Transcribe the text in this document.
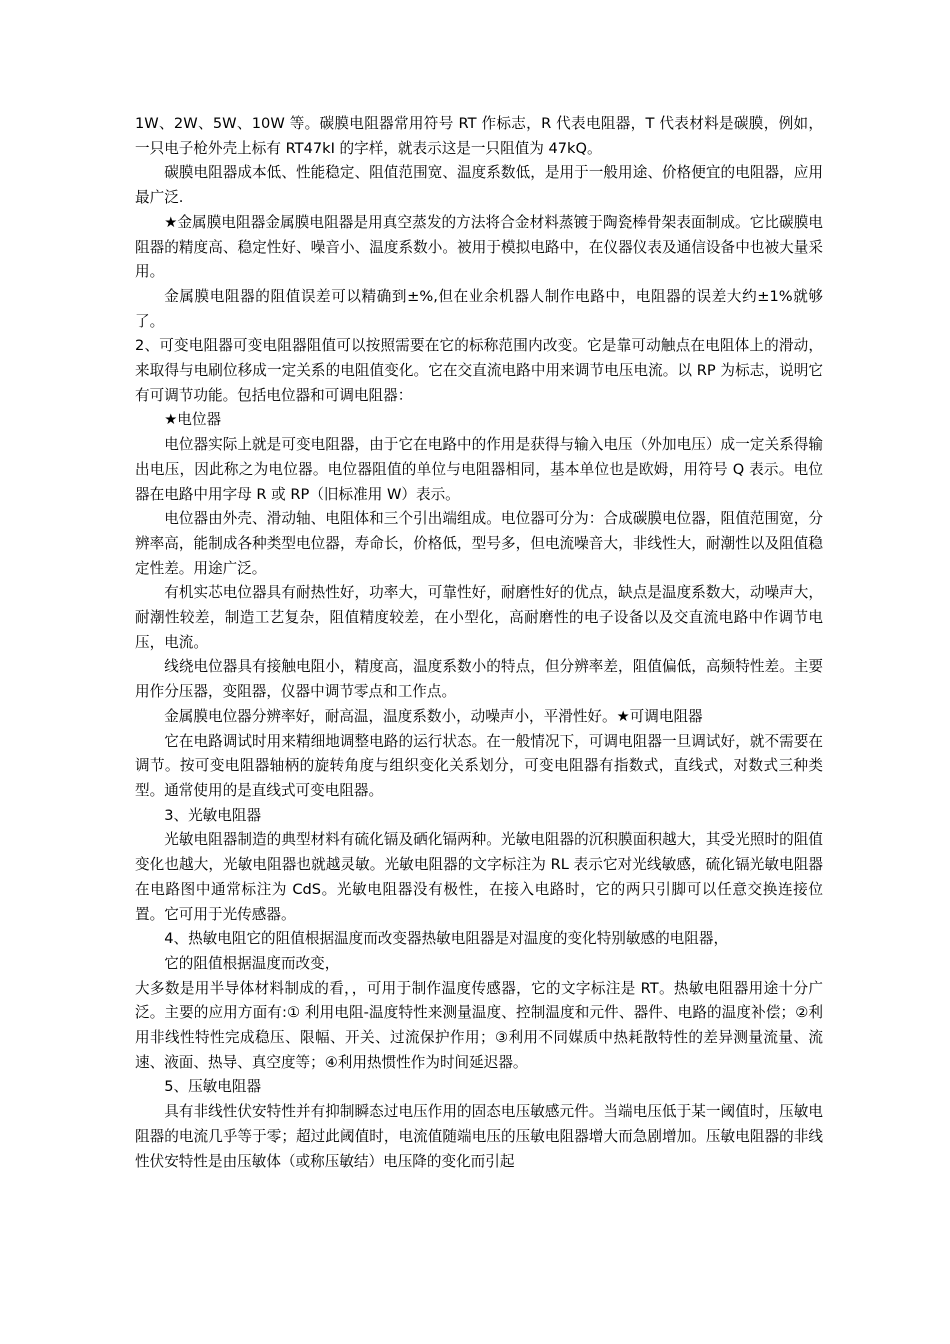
1W、2W、5W、10W 等。碳膜电阻器常用符号 RT 作标志，R 代表电阻器，T 代表材料是碳膜，例如，一只电子枪外壳上标有 RT47kI 的字样，就表示这是一只阻值为 47kQ。

碳膜电阻器成本低、性能稳定、阻值范围宽、温度系数低，是用于一般用途、价格便宜的电阻器，应用最广泛.

★金属膜电阻器金属膜电阻器是用真空蒸发的方法将合金材料蒸镀于陶瓷棒骨架表面制成。它比碳膜电阻器的精度高、稳定性好、噪音小、温度系数小。被用于模拟电路中，在仪器仪表及通信设备中也被大量采用。

金属膜电阻器的阻值误差可以精确到±%,但在业余机器人制作电路中，电阻器的误差大约±1%就够了。

2、可变电阻器可变电阻器阻值可以按照需要在它的标称范围内改变。它是靠可动触点在电阻体上的滑动，来取得与电刷位移成一定关系的电阻值变化。它在交直流电路中用来调节电压电流。以 RP 为标志，说明它有可调节功能。包括电位器和可调电阻器：

★电位器

电位器实际上就是可变电阻器，由于它在电路中的作用是获得与输入电压（外加电压）成一定关系得输出电压，因此称之为电位器。电位器阻值的单位与电阻器相同，基本单位也是欧姆，用符号 Q 表示。电位器在电路中用字母 R 或 RP（旧标准用 W）表示。

电位器由外壳、滑动轴、电阻体和三个引出端组成。电位器可分为：合成碳膜电位器，阻值范围宽，分辨率高，能制成各种类型电位器，寿命长，价格低，型号多，但电流噪音大，非线性大，耐潮性以及阻值稳定性差。用途广泛。

有机实芯电位器具有耐热性好，功率大，可靠性好，耐磨性好的优点，缺点是温度系数大，动噪声大，耐潮性较差，制造工艺复杂，阻值精度较差，在小型化，高耐磨性的电子设备以及交直流电路中作调节电压，电流。

线绕电位器具有接触电阻小，精度高，温度系数小的特点，但分辨率差，阻值偏低，高频特性差。主要用作分压器，变阻器，仪器中调节零点和工作点。

金属膜电位器分辨率好，耐高温，温度系数小，动噪声小，平滑性好。★可调电阻器

它在电路调试时用来精细地调整电路的运行状态。在一般情况下，可调电阻器一旦调试好，就不需要在调节。按可变电阻器轴柄的旋转角度与组织变化关系划分，可变电阻器有指数式，直线式，对数式三种类型。通常使用的是直线式可变电阻器。

3、光敏电阻器

光敏电阻器制造的典型材料有硫化镉及硒化镉两种。光敏电阻器的沉积膜面积越大，其受光照时的阻值变化也越大，光敏电阻器也就越灵敏。光敏电阻器的文字标注为 RL 表示它对光线敏感，硫化镉光敏电阻器在电路图中通常标注为 CdS。光敏电阻器没有极性，在接入电路时，它的两只引脚可以任意交换连接位置。它可用于光传感器。

4、热敏电阻它的阻值根据温度而改变器热敏电阻器是对温度的变化特别敏感的电阻器，

它的阻值根据温度而改变，

大多数是用半导体材料制成的看，，可用于制作温度传感器，它的文字标注是 RT。热敏电阻器用途十分广泛。主要的应用方面有:① 利用电阻-温度特性来测量温度、控制温度和元件、器件、电路的温度补偿；②利用非线性特性完成稳压、限幅、开关、过流保护作用；③利用不同媒质中热耗散特性的差异测量流量、流速、液面、热导、真空度等；④利用热惯性作为时间延迟器。

5、压敏电阻器

具有非线性伏安特性并有抑制瞬态过电压作用的固态电压敏感元件。当端电压低于某一阈值时，压敏电阻器的电流几乎等于零；超过此阈值时，电流值随端电压的压敏电阻器增大而急剧增加。压敏电阻器的非线性伏安特性是由压敏体（或称压敏结）电压降的变化而引起
